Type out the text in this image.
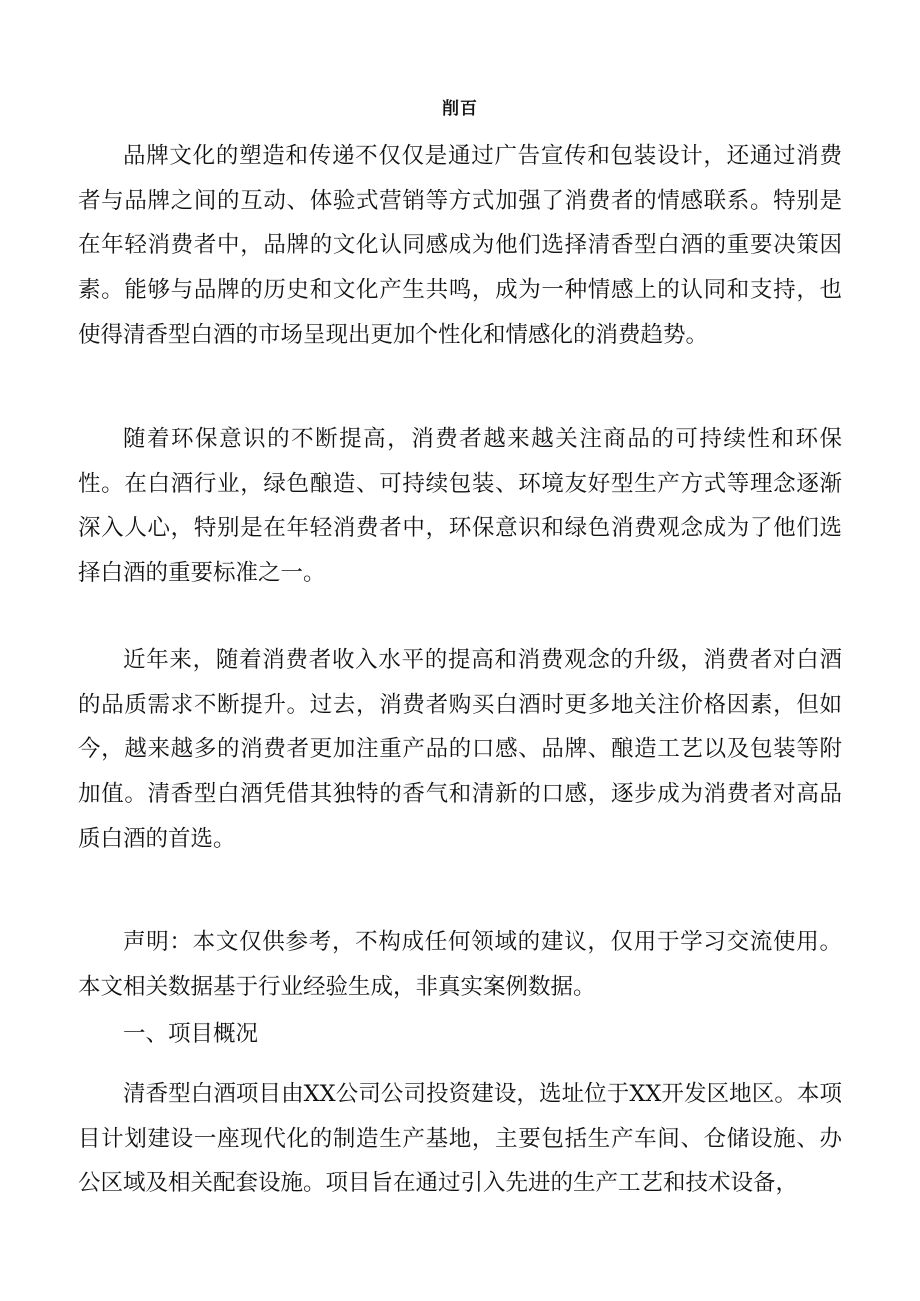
削百

品牌文化的塑造和传递不仅仅是通过广告宣传和包装设计，还通过消费者与品牌之间的互动、体验式营销等方式加强了消费者的情感联系。特别是在年轻消费者中，品牌的文化认同感成为他们选择清香型白酒的重要决策因素。能够与品牌的历史和文化产生共鸣，成为一种情感上的认同和支持，也使得清香型白酒的市场呈现出更加个性化和情感化的消费趋势。

随着环保意识的不断提高，消费者越来越关注商品的可持续性和环保性。在白酒行业，绿色酿造、可持续包装、环境友好型生产方式等理念逐渐深入人心，特别是在年轻消费者中，环保意识和绿色消费观念成为了他们选择白酒的重要标准之一。

近年来，随着消费者收入水平的提高和消费观念的升级，消费者对白酒的品质需求不断提升。过去，消费者购买白酒时更多地关注价格因素，但如今，越来越多的消费者更加注重产品的口感、品牌、酿造工艺以及包装等附加值。清香型白酒凭借其独特的香气和清新的口感，逐步成为消费者对高品质白酒的首选。

声明：本文仅供参考，不构成任何领域的建议，仅用于学习交流使用。本文相关数据基于行业经验生成，非真实案例数据。

一、项目概况

清香型白酒项目由XX公司公司投资建设，选址位于XX开发区地区。本项目计划建设一座现代化的制造生产基地，主要包括生产车间、仓储设施、办公区域及相关配套设施。项目旨在通过引入先进的生产工艺和技术设备，
